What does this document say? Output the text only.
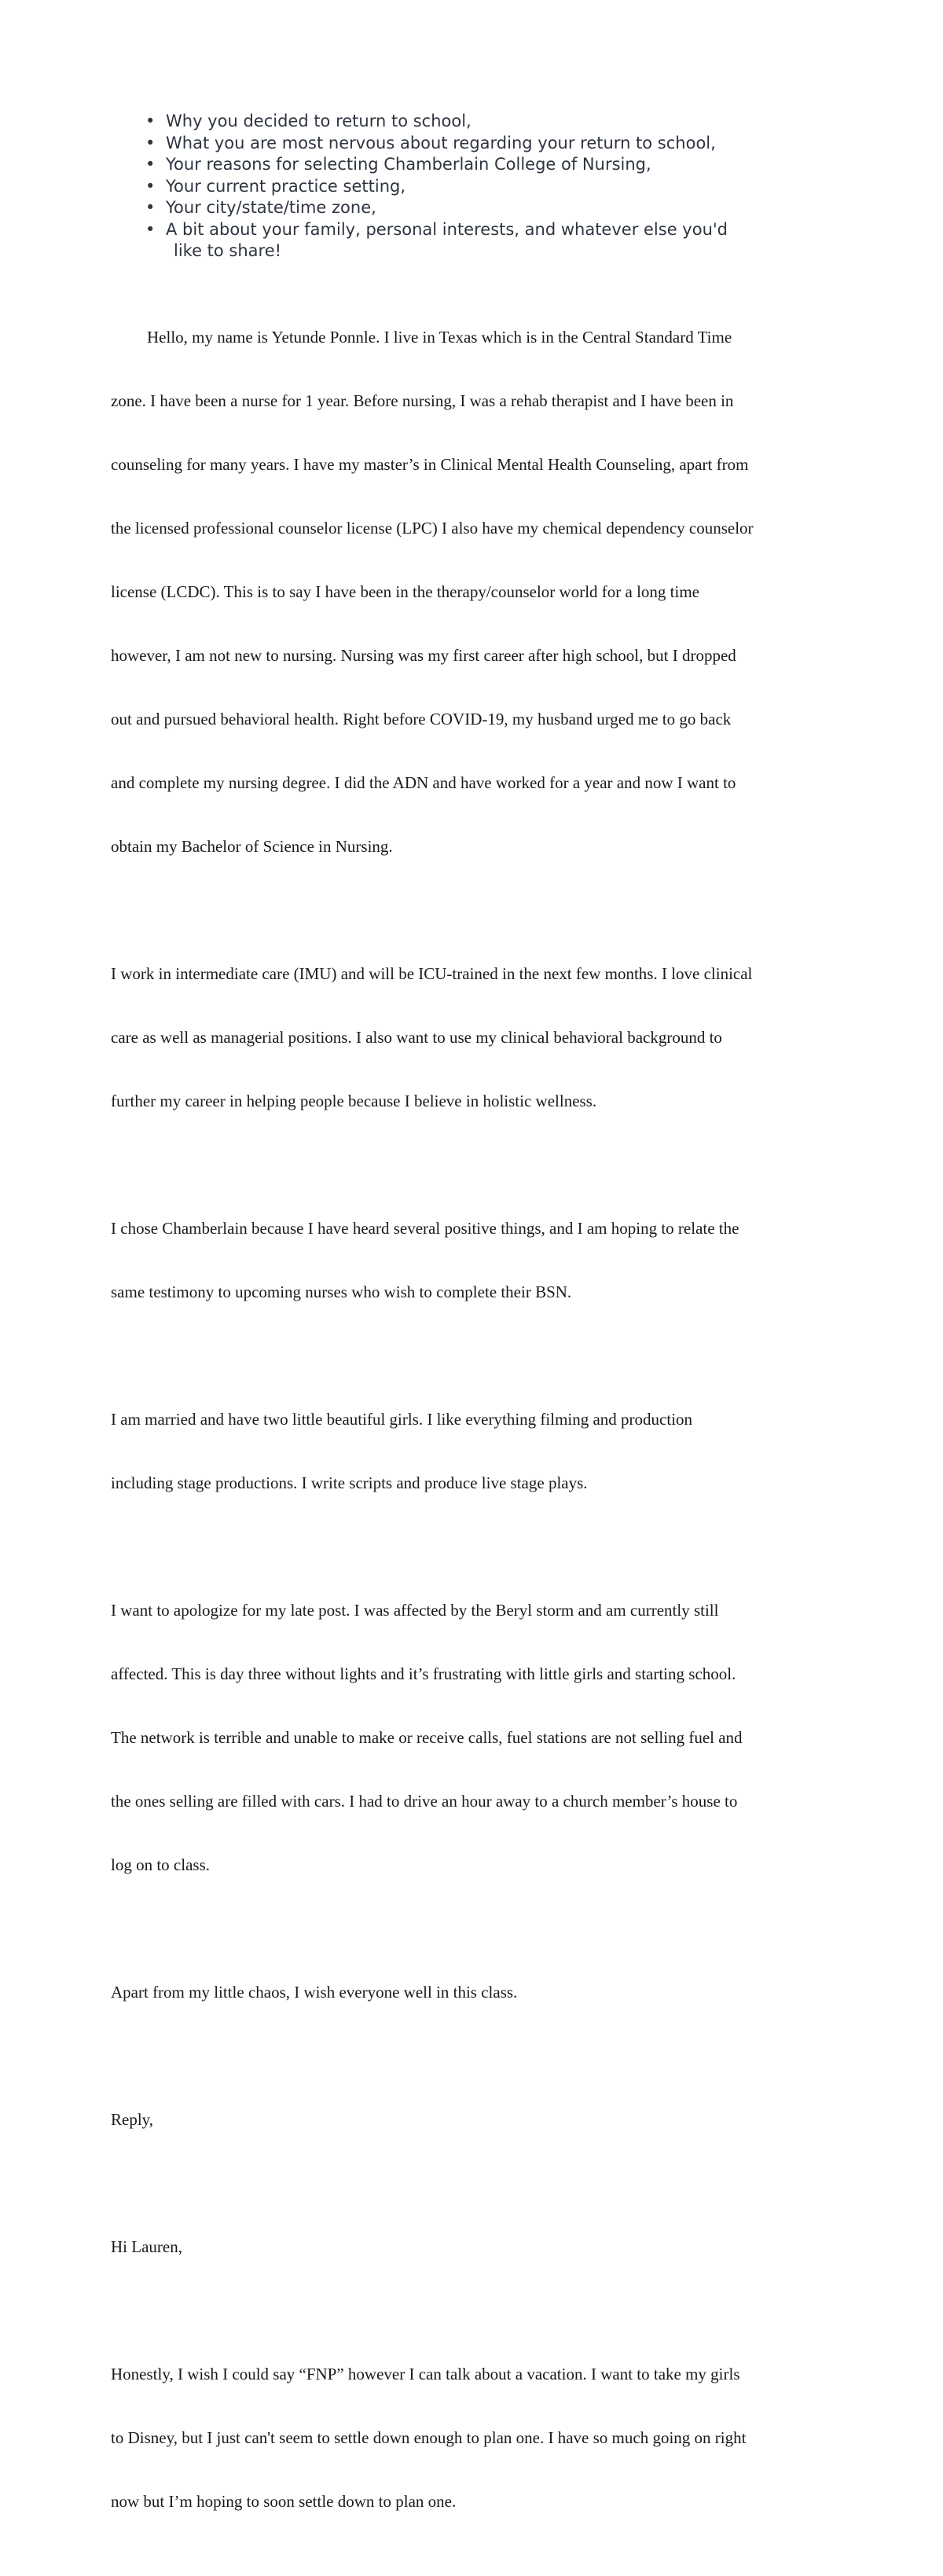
• Why you decided to return to school,
• What you are most nervous about regarding your return to school,
• Your reasons for selecting Chamberlain College of Nursing,
• Your current practice setting,
• Your city/state/time zone,
• A bit about your family, personal interests, and whatever else you'd
like to share!

Hello, my name is Yetunde Ponnle. I live in Texas which is in the Central Standard Time

zone. I have been a nurse for 1 year. Before nursing, I was a rehab therapist and I have been in

counseling for many years. I have my master’s in Clinical Mental Health Counseling, apart from

the licensed professional counselor license (LPC) I also have my chemical dependency counselor

license (LCDC). This is to say I have been in the therapy/counselor world for a long time

however, I am not new to nursing. Nursing was my first career after high school, but I dropped

out and pursued behavioral health. Right before COVID-19, my husband urged me to go back

and complete my nursing degree. I did the ADN and have worked for a year and now I want to

obtain my Bachelor of Science in Nursing.

I work in intermediate care (IMU) and will be ICU-trained in the next few months. I love clinical

care as well as managerial positions. I also want to use my clinical behavioral background to

further my career in helping people because I believe in holistic wellness.

I chose Chamberlain because I have heard several positive things, and I am hoping to relate the

same testimony to upcoming nurses who wish to complete their BSN.

I am married and have two little beautiful girls. I like everything filming and production

including stage productions. I write scripts and produce live stage plays.

I want to apologize for my late post. I was affected by the Beryl storm and am currently still

affected. This is day three without lights and it’s frustrating with little girls and starting school.

The network is terrible and unable to make or receive calls, fuel stations are not selling fuel and

the ones selling are filled with cars. I had to drive an hour away to a church member’s house to

log on to class.

Apart from my little chaos, I wish everyone well in this class.

Reply,

Hi Lauren,

Honestly, I wish I could say “FNP” however I can talk about a vacation. I want to take my girls

to Disney, but I just can't seem to settle down enough to plan one. I have so much going on right

now but I’m hoping to soon settle down to plan one.
